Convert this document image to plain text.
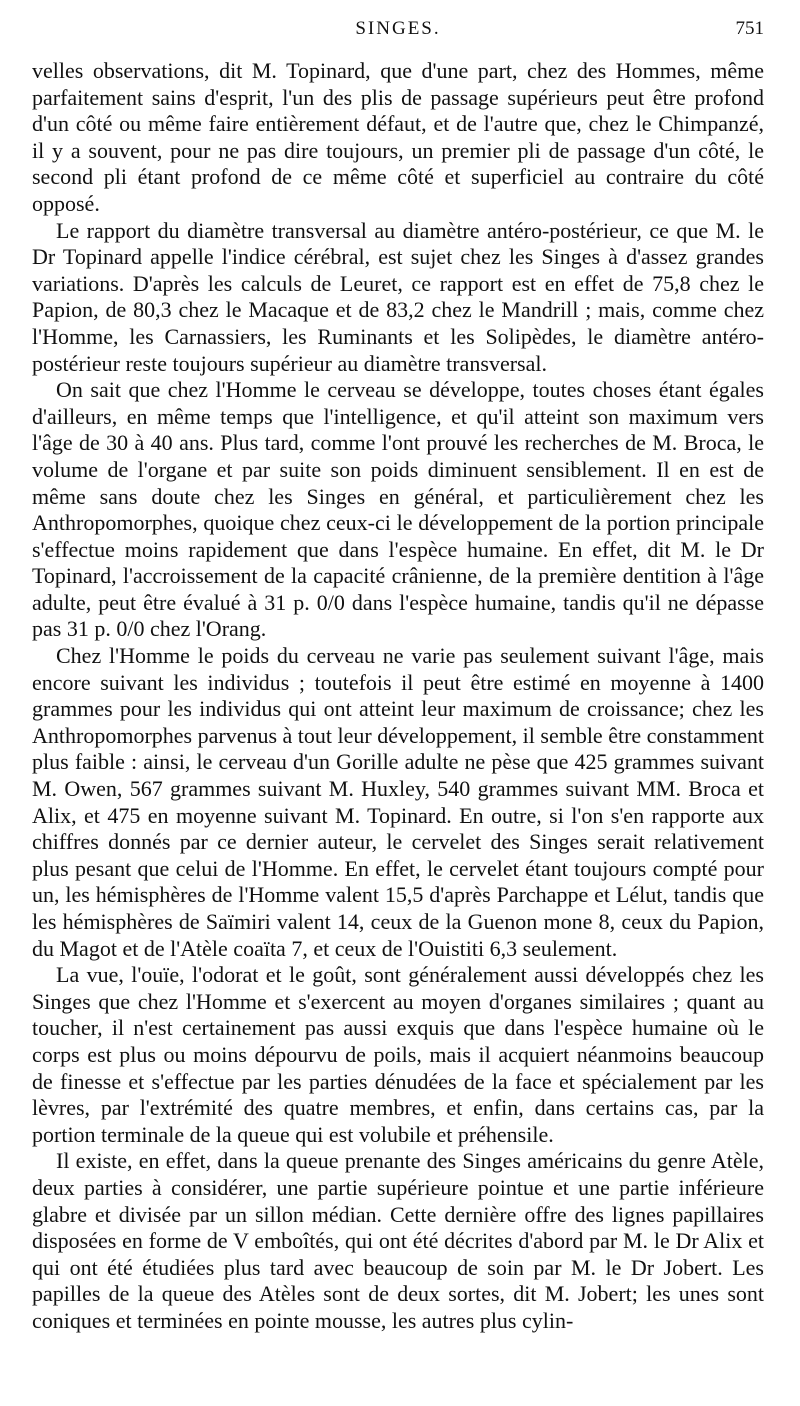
SINGES.	751

velles observations, dit M. Topinard, que d'une part, chez des Hommes, même parfaitement sains d'esprit, l'un des plis de passage supérieurs peut être profond d'un côté ou même faire entièrement défaut, et de l'autre que, chez le Chimpanzé, il y a souvent, pour ne pas dire toujours, un premier pli de passage d'un côté, le second pli étant profond de ce même côté et superficiel au contraire du côté opposé.

Le rapport du diamètre transversal au diamètre antéro-postérieur, ce que M. le Dr Topinard appelle l'indice cérébral, est sujet chez les Singes à d'assez grandes variations. D'après les calculs de Leuret, ce rapport est en effet de 75,8 chez le Papion, de 80,3 chez le Macaque et de 83,2 chez le Mandrill ; mais, comme chez l'Homme, les Carnassiers, les Ruminants et les Solipèdes, le diamètre antéro-postérieur reste toujours supérieur au diamètre transversal.

On sait que chez l'Homme le cerveau se développe, toutes choses étant égales d'ailleurs, en même temps que l'intelligence, et qu'il atteint son maximum vers l'âge de 30 à 40 ans. Plus tard, comme l'ont prouvé les recherches de M. Broca, le volume de l'organe et par suite son poids diminuent sensiblement. Il en est de même sans doute chez les Singes en général, et particulièrement chez les Anthropomorphes, quoique chez ceux-ci le développement de la portion principale s'effectue moins rapidement que dans l'espèce humaine. En effet, dit M. le Dr Topinard, l'accroissement de la capacité crânienne, de la première dentition à l'âge adulte, peut être évalué à 31 p. 0/0 dans l'espèce humaine, tandis qu'il ne dépasse pas 31 p. 0/0 chez l'Orang.

Chez l'Homme le poids du cerveau ne varie pas seulement suivant l'âge, mais encore suivant les individus ; toutefois il peut être estimé en moyenne à 1400 grammes pour les individus qui ont atteint leur maximum de croissance; chez les Anthropomorphes parvenus à tout leur développement, il semble être constamment plus faible : ainsi, le cerveau d'un Gorille adulte ne pèse que 425 grammes suivant M. Owen, 567 grammes suivant M. Huxley, 540 grammes suivant MM. Broca et Alix, et 475 en moyenne suivant M. Topinard. En outre, si l'on s'en rapporte aux chiffres donnés par ce dernier auteur, le cervelet des Singes serait relativement plus pesant que celui de l'Homme. En effet, le cervelet étant toujours compté pour un, les hémisphères de l'Homme valent 15,5 d'après Parchappe et Lélut, tandis que les hémisphères de Saïmiri valent 14, ceux de la Guenon mone 8, ceux du Papion, du Magot et de l'Atèle coaïta 7, et ceux de l'Ouistiti 6,3 seulement.

La vue, l'ouïe, l'odorat et le goût, sont généralement aussi développés chez les Singes que chez l'Homme et s'exercent au moyen d'organes similaires ; quant au toucher, il n'est certainement pas aussi exquis que dans l'espèce humaine où le corps est plus ou moins dépourvu de poils, mais il acquiert néanmoins beaucoup de finesse et s'effectue par les parties dénudées de la face et spécialement par les lèvres, par l'extrémité des quatre membres, et enfin, dans certains cas, par la portion terminale de la queue qui est volubile et préhensile.

Il existe, en effet, dans la queue prenante des Singes américains du genre Atèle, deux parties à considérer, une partie supérieure pointue et une partie inférieure glabre et divisée par un sillon médian. Cette dernière offre des lignes papillaires disposées en forme de V emboîtés, qui ont été décrites d'abord par M. le Dr Alix et qui ont été étudiées plus tard avec beaucoup de soin par M. le Dr Jobert. Les papilles de la queue des Atèles sont de deux sortes, dit M. Jobert; les unes sont coniques et terminées en pointe mousse, les autres plus cylin-
